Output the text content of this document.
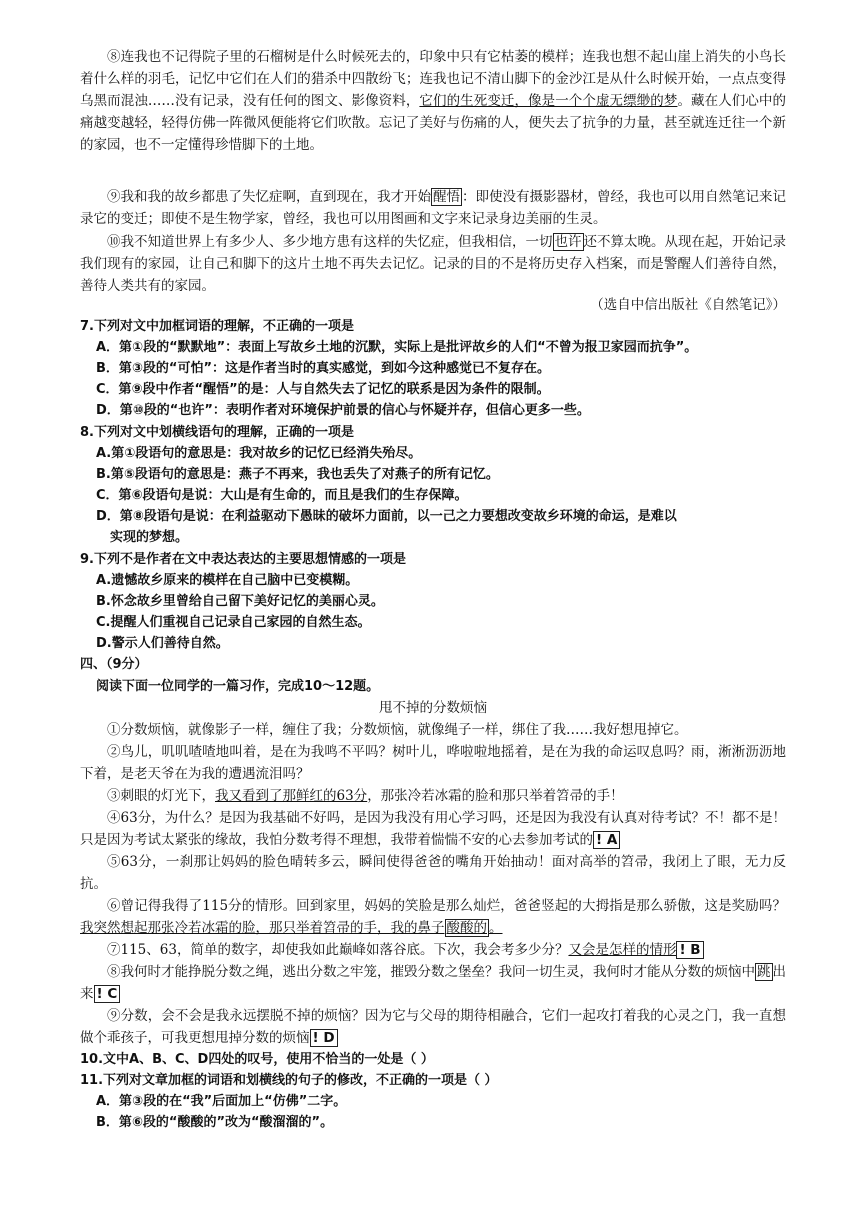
⑧连我也不记得院子里的石榴树是什么时候死去的，印象中只有它枯萎的模样；连我也想不起山崖上消失的小鸟长着什么样的羽毛，记忆中它们在人们的猎杀中四散纷飞；连我也记不清山脚下的金沙江是从什么时候开始，一点点变得乌黑而混浊……没有记录，没有任何的图文、影像资料，它们的生死变迁，像是一个个虚无缥缈的梦。藏在人们心中的痛越变越轻，轻得仿佛一阵微风便能将它们吹散。忘记了美好与伤痛的人，便失去了抗争的力量，甚至就连迁往一个新的家园，也不一定懂得珍惜脚下的土地。
⑨我和我的故乡都患了失忆症啊，直到现在，我才开始 醒悟 ：即使没有摄影器材，曾经，我也可以用自然笔记来记录它的变迁；即使不是生物学家，曾经，我也可以用图画和文字来记录身边美丽的生灵。
⑩我不知道世界上有多少人、多少地方患有这样的失忆症，但我相信，一切 也许 还不算太晚。从现在起，开始记录我们现有的家园，让自己和脚下的这片土地不再失去记忆。记录的目的不是将历史存入档案，而是警醒人们善待自然，善待人类共有的家园。
（选自中信出版社《自然笔记》）
7.下列对文中加框词语的理解，不正确的一项是
A．第①段的“默默地”：表面上写故乡土地的沉默，实际上是批评故乡的人们“不曾为报卫家园而抗争”。
B．第③段的“可怕”：这是作者当时的真实感觉，到如今这种感觉已不复存在。
C．第⑨段中作者“醒悟”的是：人与自然失去了记忆的联系是因为条件的限制。
D．第⑩段的“也许”：表明作者对环境保护前景的信心与怀疑并存，但信心更多一些。
8.下列对文中划横线语句的理解，正确的一项是
A.第①段语句的意思是：我对故乡的记忆已经消失殆尽。
B.第⑤段语句的意思是：燕子不再来，我也丢失了对燕子的所有记忆。
C．第⑥段语句是说：大山是有生命的，而且是我们的生存保障。
D．第⑧段语句是说：在利益驱动下愚昧的破坏力面前，以一己之力要想改变故乡环境的命运，是难以
实现的梦想。
9.下列不是作者在文中表达表达的主要思想情感的一项是
A.遗憾故乡原来的模样在自己脑中已变模糊。
B.怀念故乡里曾给自己留下美好记忆的美丽心灵。
C.提醒人们重视自己记录自己家园的自然生态。
D.警示人们善待自然。
四、（9分）
阅读下面一位同学的一篇习作，完成10～12题。
甩不掉的分数烦恼
①分数烦恼，就像影子一样，缠住了我；分数烦恼，就像绳子一样，绑住了我……我好想甩掉它。
②鸟儿，叽叽喳喳地叫着，是在为我鸣不平吗？树叶儿，哗啦啦地摇着，是在为我的命运叹息吗？雨，淅淅沥沥地下着，是老天爷在为我的遭遇流泪吗？
③刺眼的灯光下，我又看到了那鲜红的63分，那张冷若冰霜的脸和那只举着笤帚的手！
④63分，为什么？是因为我基础不好吗，是因为我没有用心学习吗，还是因为我没有认真对待考试？不！都不是！只是因为考试太紧张的缘故，我怕分数考得不理想，我带着惴惴不安的心去参加考试的 ! A
⑤63分，一刹那让妈妈的脸色晴转多云，瞬间使得爸爸的嘴角开始抽动！面对高举的笤帚，我闭上了眼，无力反抗。
⑥曾记得我得了115分的情形。回到家里，妈妈的笑脸是那么灿烂，爸爸竖起的大拇指是那么骄傲，这是奖励吗？我突然想起那张冷若冰霜的脸，那只举着笤帚的手，我的鼻子 酸酸的 。
⑦115、63，简单的数字，却使我如此巅峰如落谷底。下次，我会考多少分？又会是怎样的情形 ! B
⑧我何时才能挣脱分数之绳，逃出分数之牢笼，摧毁分数之堡垒？我问一切生灵，我何时才能从分数的烦恼中 跳 出来 ! C
⑨分数，会不会是我永远摆脱不掉的烦恼？因为它与父母的期待相融合，它们一起攻打着我的心灵之门，我一直想做个乖孩子，可我更想甩掉分数的烦恼 ! D
10.文中A、B、C、D四处的叹号，使用不恰当的一处是（ ）
11.下列对文章加框的词语和划横线的句子的修改，不正确的一项是（ ）
A．第③段的在“我”后面加上“仿佛”二字。
B．第⑥段的“酸酸的”改为“酸溜溜的”。
